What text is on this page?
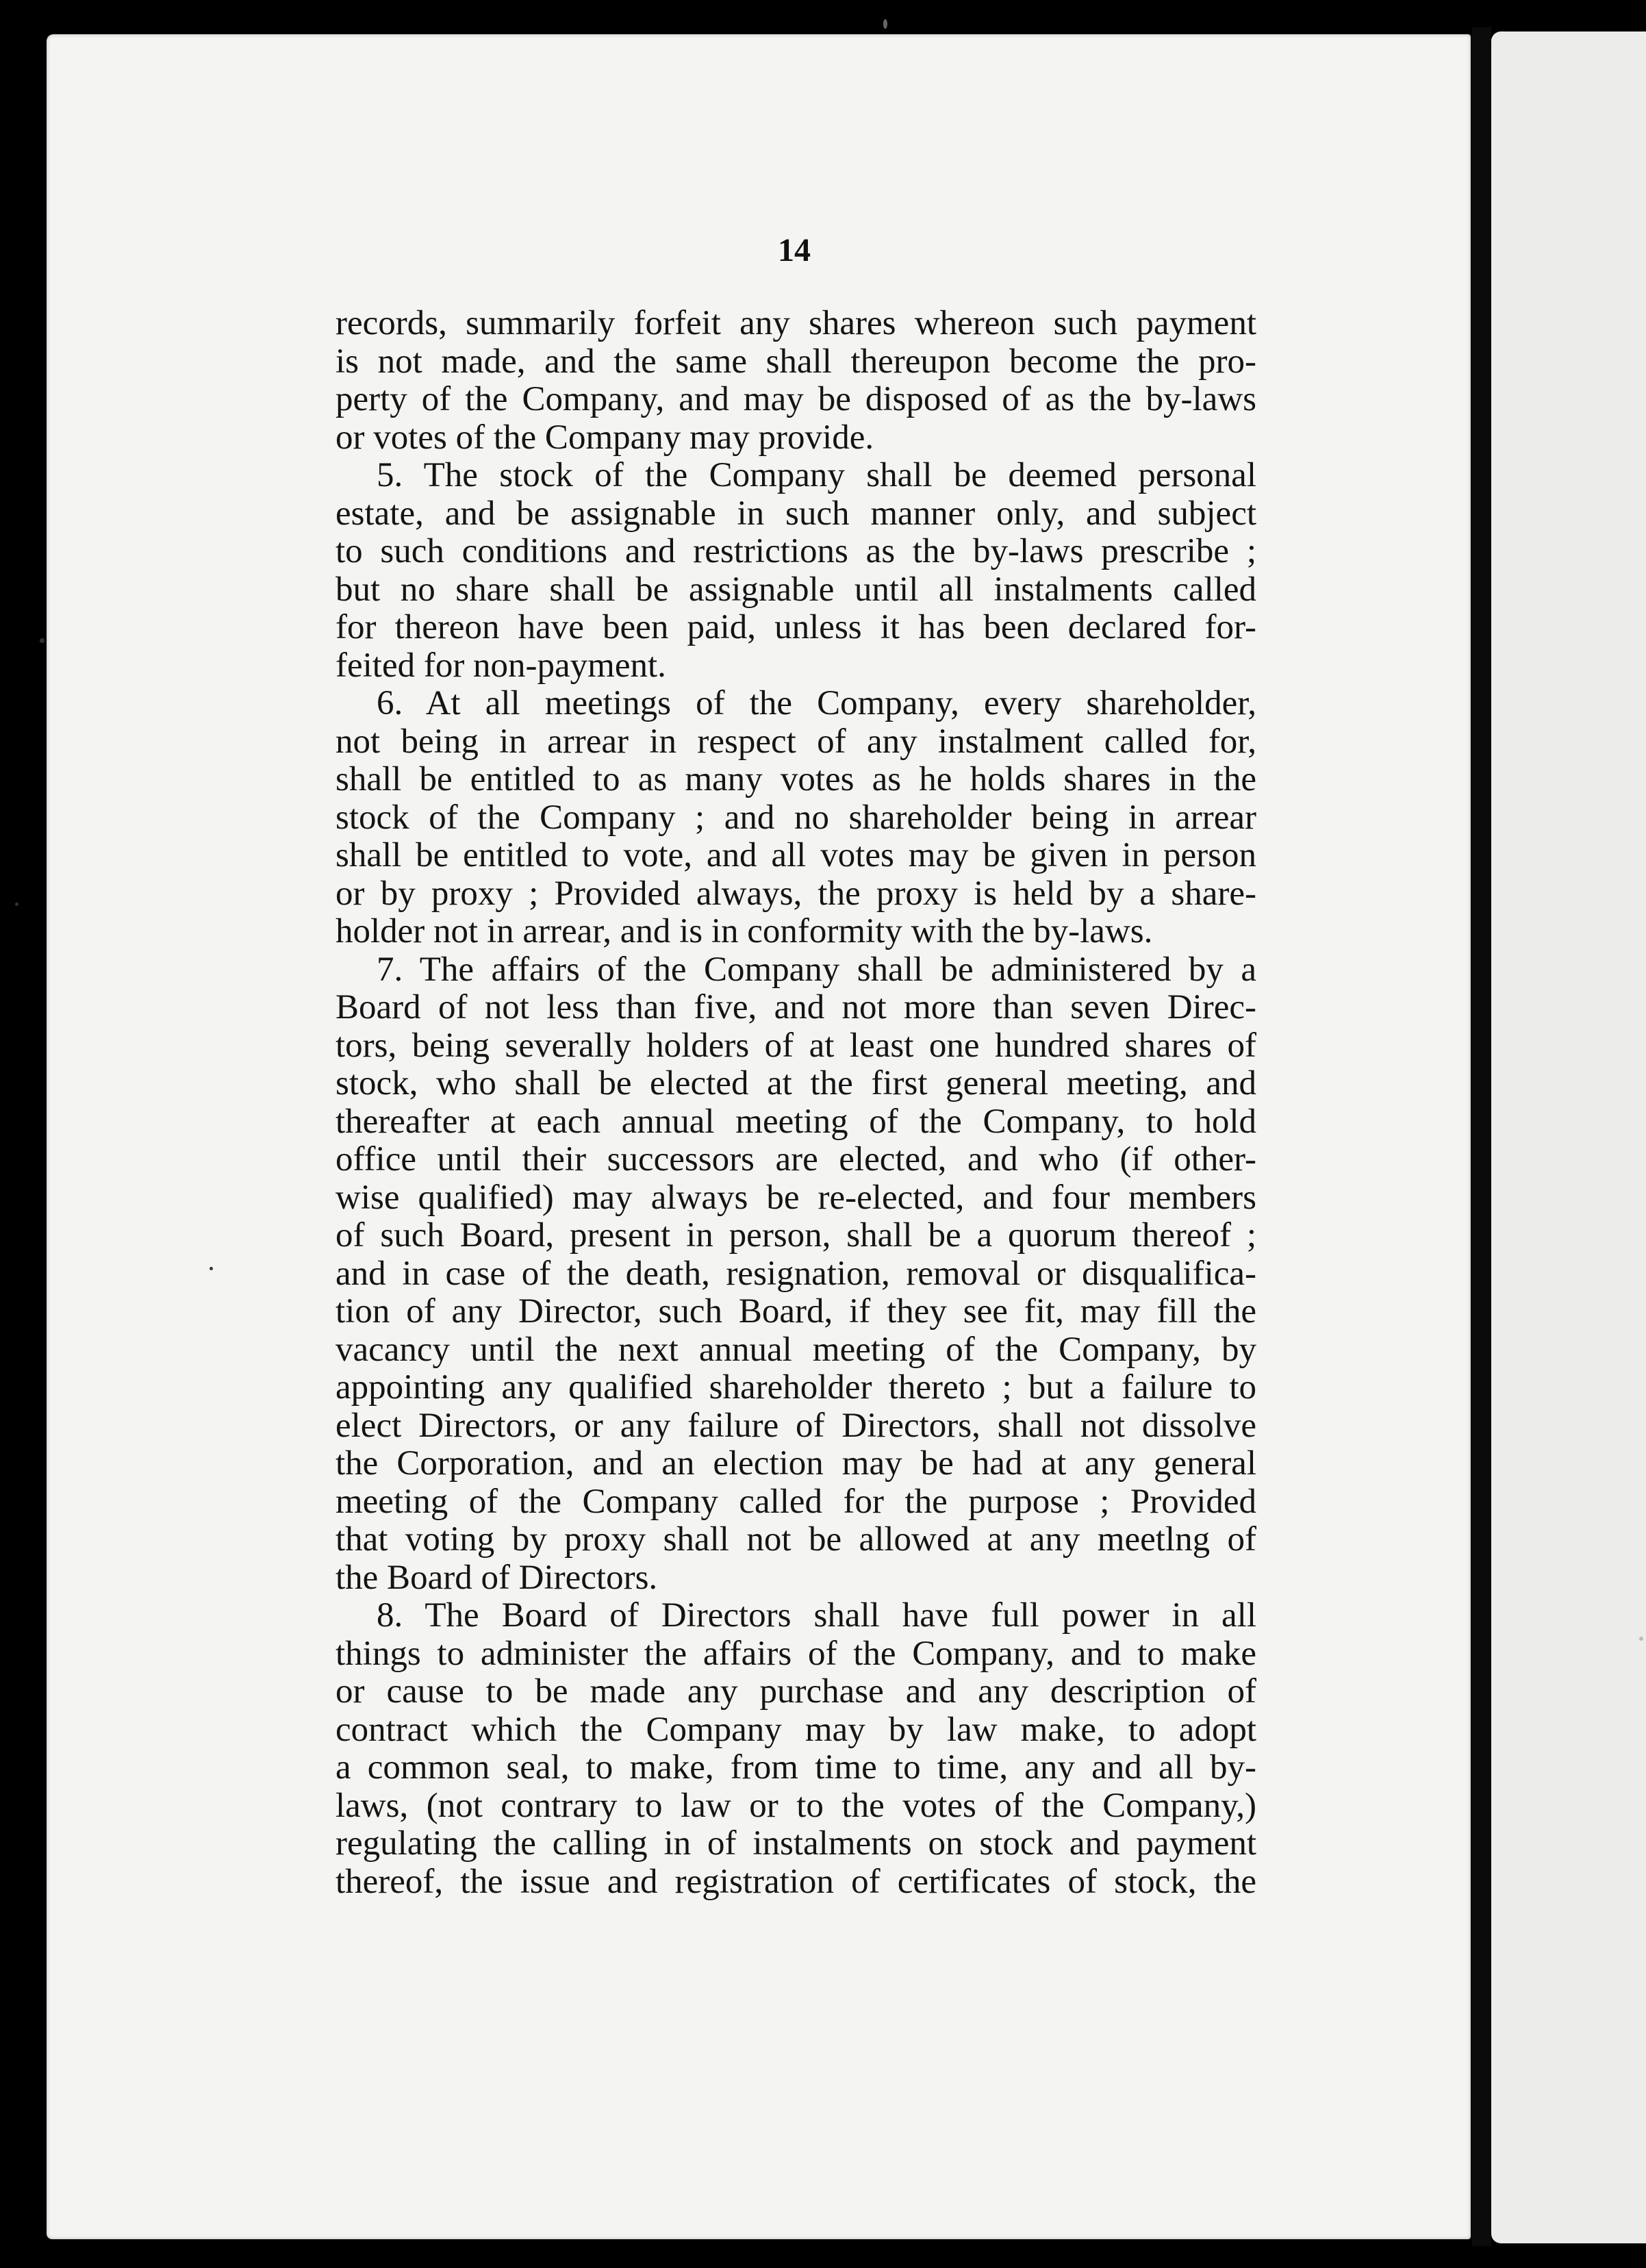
14
records, summarily forfeit any shares whereon such payment
is not made, and the same shall thereupon become the pro-
perty of the Company, and may be disposed of as the by-laws
or votes of the Company may provide.
5. The stock of the Company shall be deemed personal
estate, and be assignable in such manner only, and subject
to such conditions and restrictions as the by-laws prescribe ;
but no share shall be assignable until all instalments called
for thereon have been paid, unless it has been declared for-
feited for non-payment.
6. At all meetings of the Company, every shareholder,
not being in arrear in respect of any instalment called for,
shall be entitled to as many votes as he holds shares in the
stock of the Company ; and no shareholder being in arrear
shall be entitled to vote, and all votes may be given in person
or by proxy ; Provided always, the proxy is held by a share-
holder not in arrear, and is in conformity with the by-laws.
7. The affairs of the Company shall be administered by a
Board of not less than five, and not more than seven Direc-
tors, being severally holders of at least one hundred shares of
stock, who shall be elected at the first general meeting, and
thereafter at each annual meeting of the Company, to hold
office until their successors are elected, and who (if other-
wise qualified) may always be re-elected, and four members
of such Board, present in person, shall be a quorum thereof ;
and in case of the death, resignation, removal or disqualifica-
tion of any Director, such Board, if they see fit, may fill the
vacancy until the next annual meeting of the Company, by
appointing any qualified shareholder thereto ; but a failure to
elect Directors, or any failure of Directors, shall not dissolve
the Corporation, and an election may be had at any general
meeting of the Company called for the purpose ; Provided
that voting by proxy shall not be allowed at any meetlng of
the Board of Directors.
8. The Board of Directors shall have full power in all
things to administer the affairs of the Company, and to make
or cause to be made any purchase and any description of
contract which the Company may by law make, to adopt
a common seal, to make, from time to time, any and all by-
laws, (not contrary to law or to the votes of the Company,)
regulating the calling in of instalments on stock and payment
thereof, the issue and registration of certificates of stock, the
